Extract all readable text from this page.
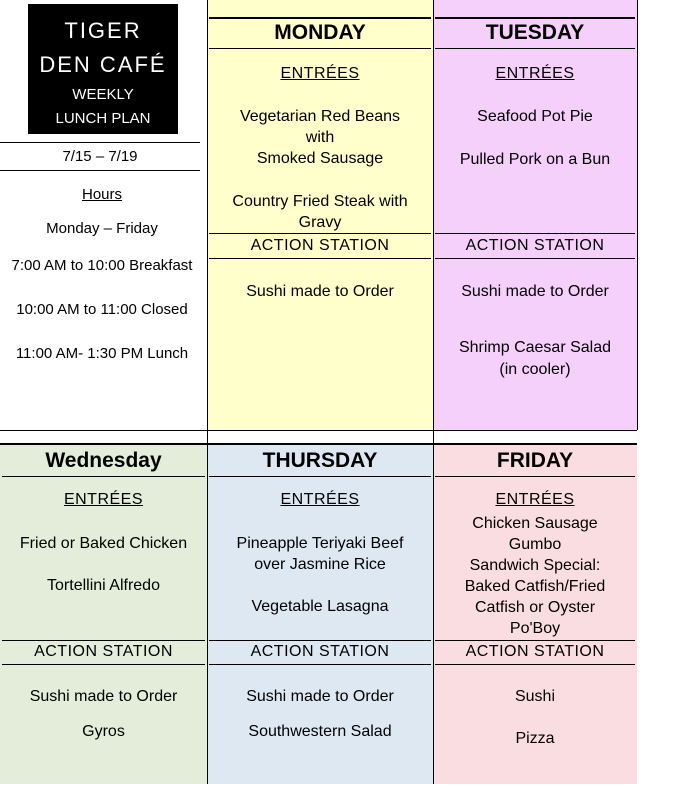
TIGER
DEN CAFÉ
WEEKLY
LUNCH PLAN
7/15 – 7/19
Hours
Monday – Friday
7:00 AM to 10:00 Breakfast
10:00 AM to 11:00 Closed
11:00 AM- 1:30 PM Lunch
MONDAY
ENTRÉES
Vegetarian Red Beans
with
Smoked Sausage
Country Fried Steak with
Gravy
ACTION STATION
Sushi made to Order
TUESDAY
ENTRÉES
Seafood Pot Pie
Pulled Pork on a Bun
ACTION STATION
Sushi made to Order
Shrimp Caesar Salad
(in cooler)
Wednesday
ENTRÉES
Fried or Baked Chicken
Tortellini Alfredo
ACTION STATION
Sushi made to Order
Gyros
THURSDAY
ENTRÉES
Pineapple Teriyaki Beef
over Jasmine Rice
Vegetable Lasagna
ACTION STATION
Sushi made to Order
Southwestern Salad
FRIDAY
ENTRÉES
Chicken Sausage
Gumbo
Sandwich Special:
Baked Catfish/Fried
Catfish or Oyster
Po'Boy
ACTION STATION
Sushi
Pizza
